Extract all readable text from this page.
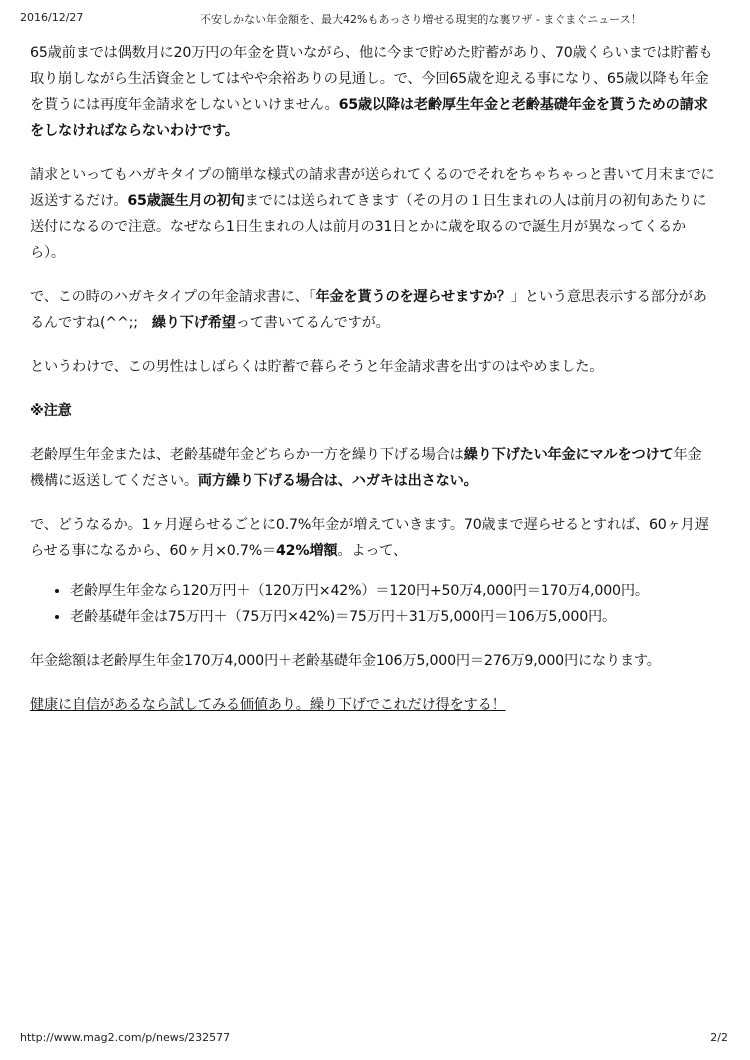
2016/12/27	不安しかない年金額を、最大42%もあっさり増せる現実的な裏ワザ - まぐまぐニュース！

65歳前までは偶数月に20万円の年金を貰いながら、他に今まで貯めた貯蓄があり、70歳くらいまでは貯蓄も取り崩しながら生活資金としてはやや余裕ありの見通し。で、今回65歳を迎える事になり、65歳以降も年金を貰うには再度年金請求をしないといけません。65歳以降は老齢厚生年金と老齢基礎年金を貰うための請求をしなければならないわけです。

請求といってもハガキタイプの簡単な様式の請求書が送られてくるのでそれをちゃちゃっと書いて月末までに返送するだけ。65歳誕生月の初旬までには送られてきます（その月の１日生まれの人は前月の初旬あたりに送付になるので注意。なぜなら1日生まれの人は前月の31日とかに歳を取るので誕生月が異なってくるから）。

で、この時のハガキタイプの年金請求書に、「年金を貰うのを遅らせますか？」という意思表示する部分があるんですね(^^;;　繰り下げ希望って書いてるんですが。

というわけで、この男性はしばらくは貯蓄で暮らそうと年金請求書を出すのはやめました。

※注意

老齢厚生年金または、老齢基礎年金どちらか一方を繰り下げる場合は繰り下げたい年金にマルをつけて年金機構に返送してください。両方繰り下げる場合は、ハガキは出さない。

で、どうなるか。1ヶ月遅らせるごとに0.7%年金が増えていきます。70歳まで遅らせるとすれば、60ヶ月遅らせる事になるから、60ヶ月×0.7%＝42%増額。よって、

• 老齢厚生年金なら120万円＋（120万円×42%）＝120円+50万4,000円＝170万4,000円。
• 老齢基礎年金は75万円＋（75万円×42%)＝75万円＋31万5,000円＝106万5,000円。

年金総額は老齢厚生年金170万4,000円＋老齢基礎年金106万5,000円＝276万9,000円になります。

健康に自信があるなら試してみる価値あり。繰り下げでこれだけ得をする！

http://www.mag2.com/p/news/232577	2/2
